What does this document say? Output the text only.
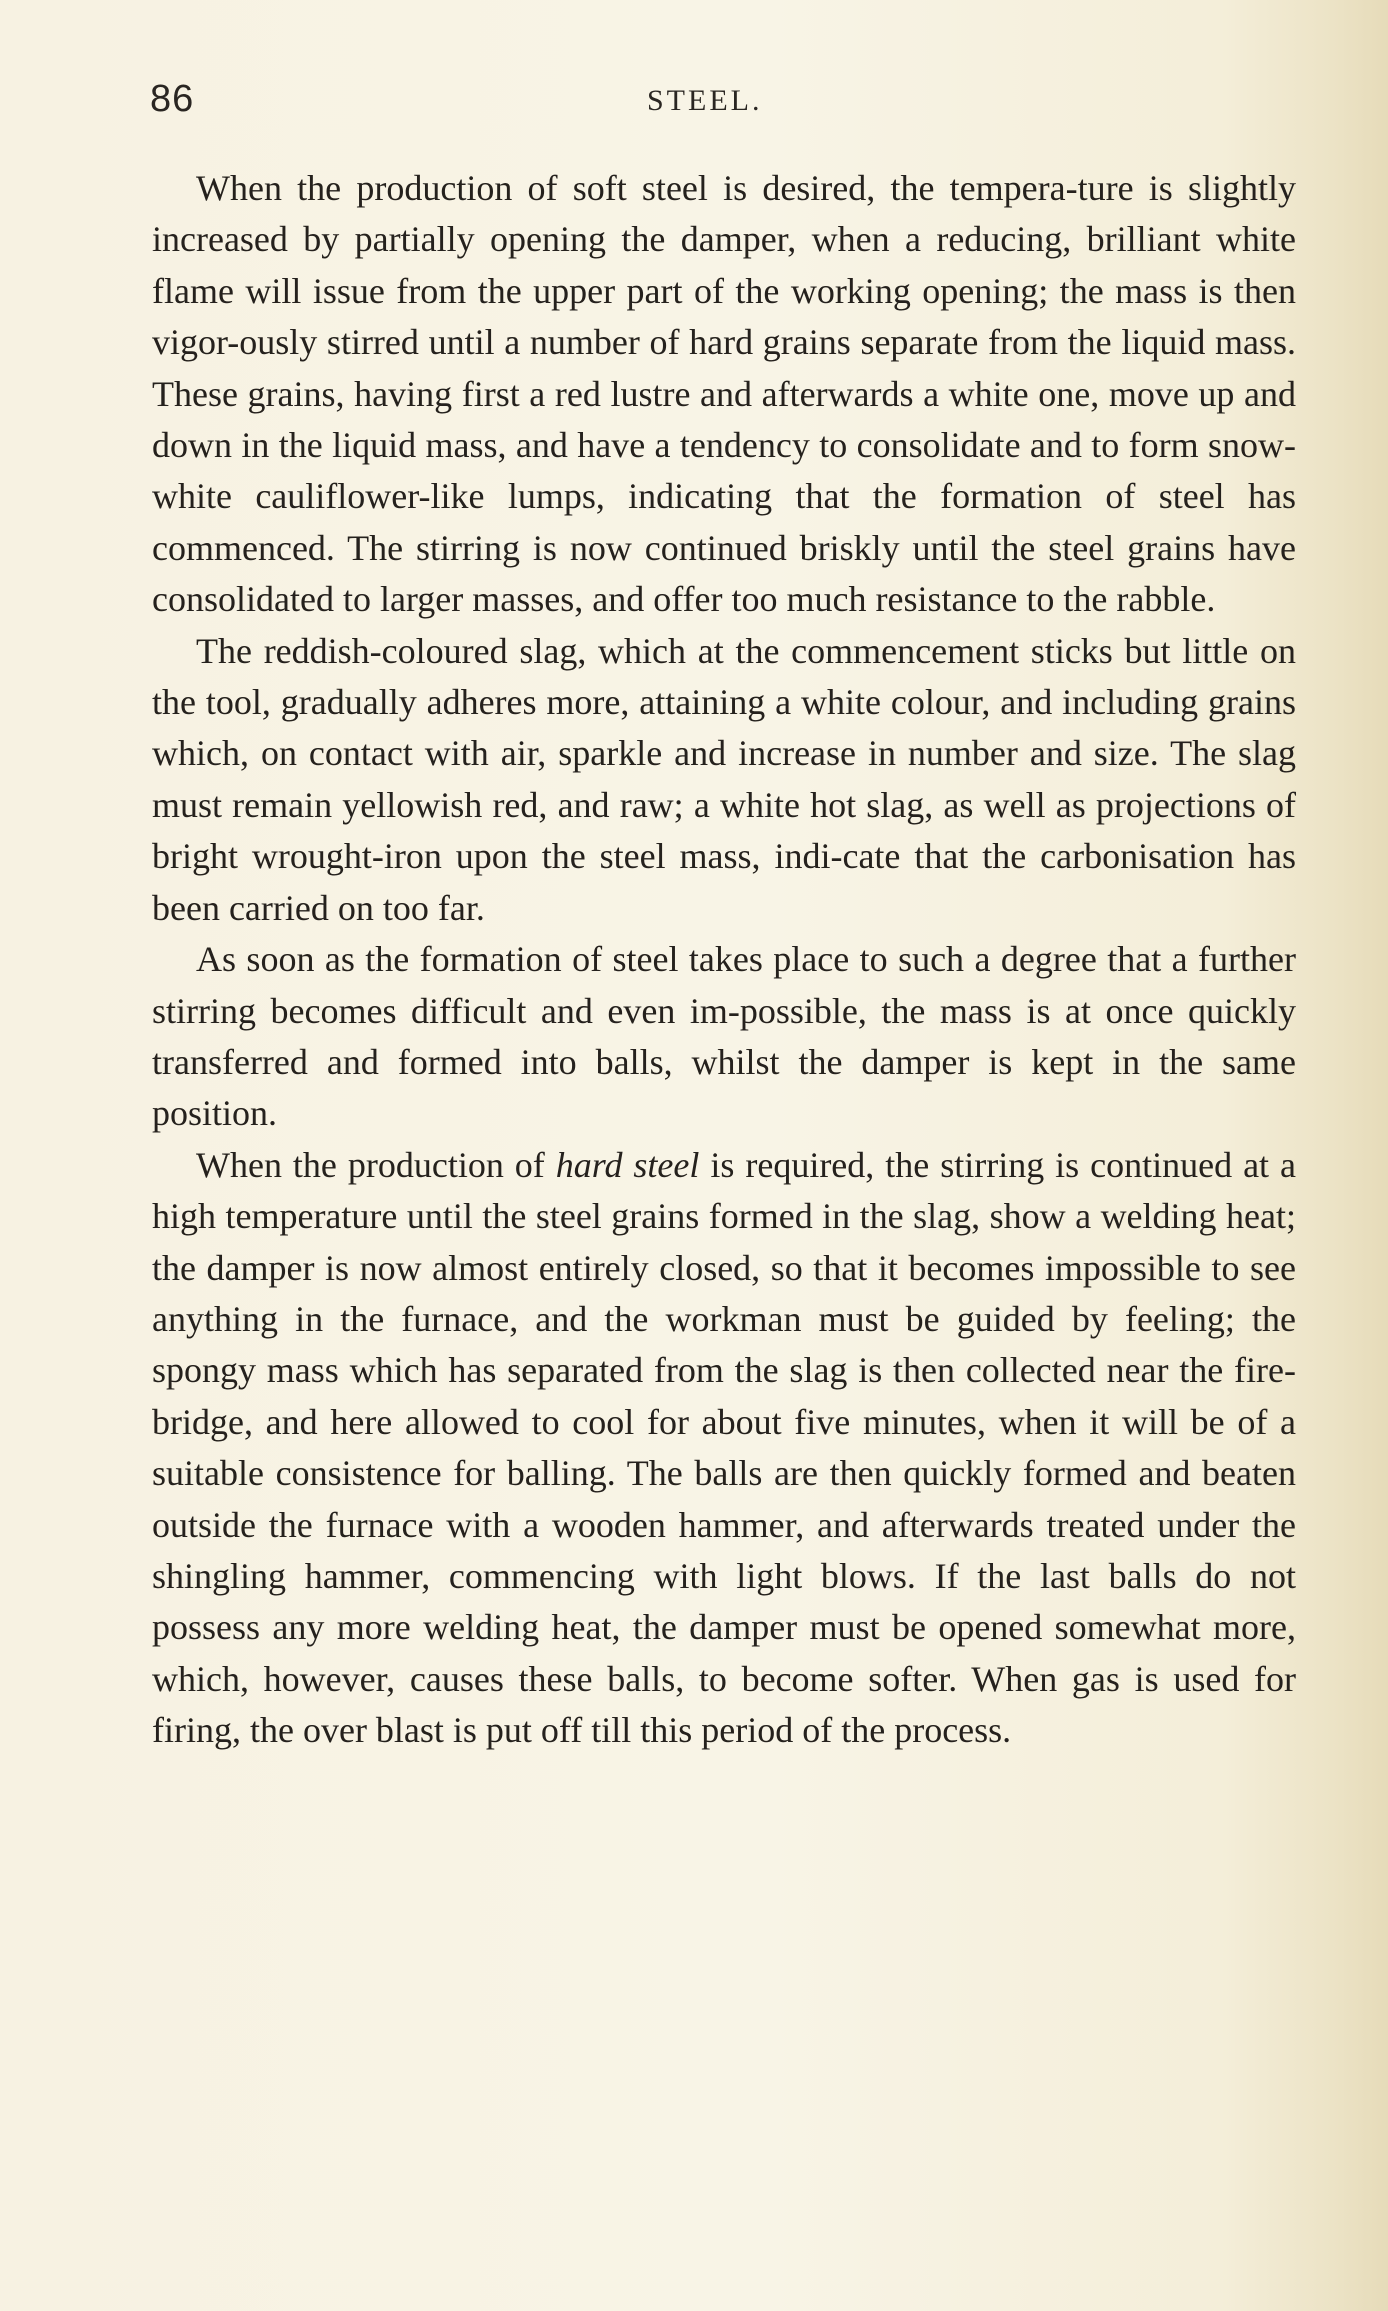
86	STEEL.

When the production of soft steel is desired, the tempera-ture is slightly increased by partially opening the damper, when a reducing, brilliant white flame will issue from the upper part of the working opening; the mass is then vigor-ously stirred until a number of hard grains separate from the liquid mass. These grains, having first a red lustre and afterwards a white one, move up and down in the liquid mass, and have a tendency to consolidate and to form snow-white cauliflower-like lumps, indicating that the formation of steel has commenced. The stirring is now continued briskly until the steel grains have consolidated to larger masses, and offer too much resistance to the rabble.

The reddish-coloured slag, which at the commencement sticks but little on the tool, gradually adheres more, attaining a white colour, and including grains which, on contact with air, sparkle and increase in number and size. The slag must remain yellowish red, and raw; a white hot slag, as well as projections of bright wrought-iron upon the steel mass, indi-cate that the carbonisation has been carried on too far.

As soon as the formation of steel takes place to such a degree that a further stirring becomes difficult and even im-possible, the mass is at once quickly transferred and formed into balls, whilst the damper is kept in the same position.

When the production of hard steel is required, the stirring is continued at a high temperature until the steel grains formed in the slag, show a welding heat; the damper is now almost entirely closed, so that it becomes impossible to see anything in the furnace, and the workman must be guided by feeling; the spongy mass which has separated from the slag is then collected near the fire-bridge, and here allowed to cool for about five minutes, when it will be of a suitable consistence for balling. The balls are then quickly formed and beaten outside the furnace with a wooden hammer, and afterwards treated under the shingling hammer, commencing with light blows. If the last balls do not possess any more welding heat, the damper must be opened somewhat more, which, however, causes these balls, to become softer. When gas is used for firing, the over blast is put off till this period of the process.
